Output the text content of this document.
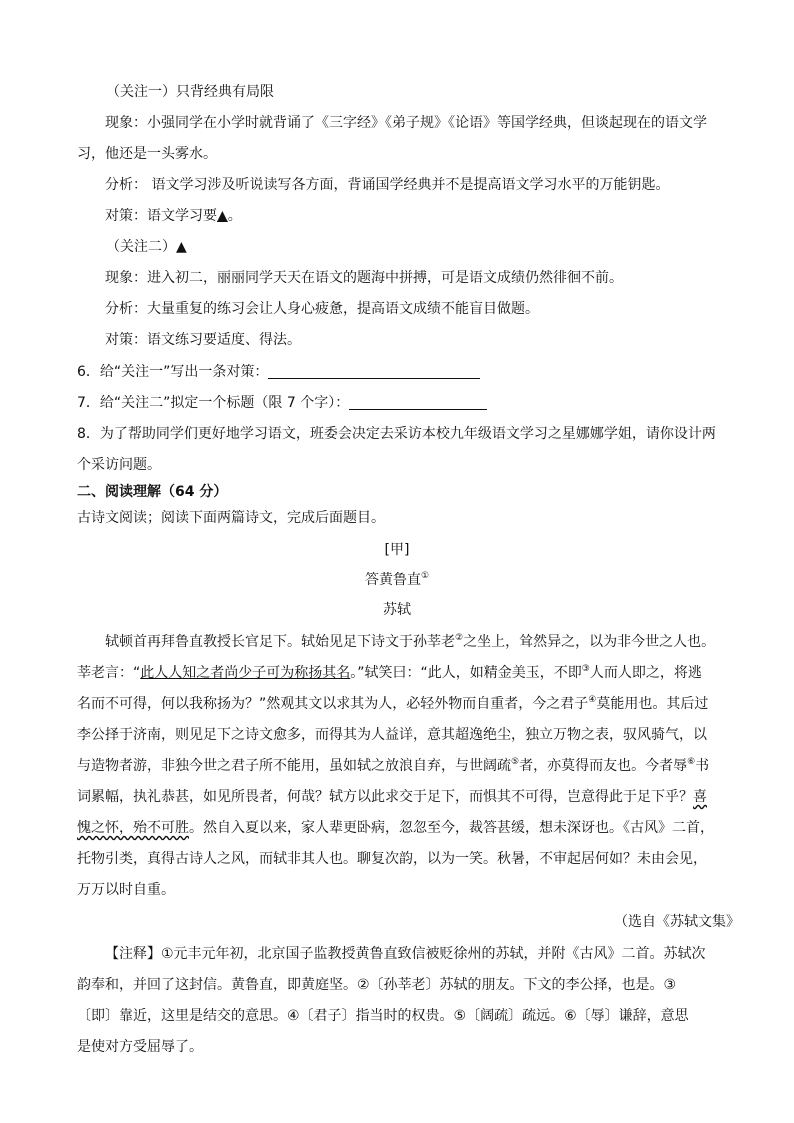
（关注一）只背经典有局限
现象：小强同学在小学时就背诵了《三字经》《弟子规》《论语》等国学经典，但谈起现在的语文学
习，他还是一头雾水。
分析： 语文学习涉及听说读写各方面，背诵国学经典并不是提高语文学习水平的万能钥匙。
对策：语文学习要▲。
（关注二）▲
现象：进入初二，丽丽同学天天在语文的题海中拼搏，可是语文成绩仍然徘徊不前。
分析：大量重复的练习会让人身心疲惫，提高语文成绩不能盲目做题。
对策：语文练习要适度、得法。
6．给“关注一”写出一条对策：
7．给“关注二”拟定一个标题（限 7 个字）：
8．为了帮助同学们更好地学习语文，班委会决定去采访本校九年级语文学习之星娜娜学姐，请你设计两
个采访问题。
二、阅读理解（64 分）
古诗文阅读；阅读下面两篇诗文，完成后面题目。
[甲]
答黄鲁直①
苏轼
轼顿首再拜鲁直教授长官足下。轼始见足下诗文于孙莘老②之坐上，耸然异之，以为非今世之人也。
莘老言：“此人人知之者尚少子可为称扬其名。”轼笑曰：“此人，如精金美玉，不即③人而人即之，将逃
名而不可得，何以我称扬为？”然观其文以求其为人，必轻外物而自重者，今之君子④莫能用也。其后过
李公择于济南，则见足下之诗文愈多，而得其为人益详，意其超逸绝尘，独立万物之表，驭风骑气，以
与造物者游，非独今世之君子所不能用，虽如轼之放浪自弃，与世阔疏⑤者，亦莫得而友也。今者辱⑥书
词累幅，执礼恭甚，如见所畏者，何哉？轼方以此求交于足下，而惧其不可得，岂意得此于足下乎？喜
愧之怀，殆不可胜。然自入夏以来，家人辈更卧病，忽忽至今，裁答甚缓，想未深讶也。《古风》二首，
托物引类，真得古诗人之风，而轼非其人也。聊复次韵，以为一笑。秋暑，不审起居何如？未由会见，
万万以时自重。
（选自《苏轼文集》
【注释】①元丰元年初，北京国子监教授黄鲁直致信被贬徐州的苏轼，并附《古风》二首。苏轼次
韵奉和，并回了这封信。黄鲁直，即黄庭坚。②〔孙莘老〕苏轼的朋友。下文的李公择，也是。③
〔即〕靠近，这里是结交的意思。④〔君子〕指当时的权贵。⑤〔阔疏〕疏远。⑥〔辱〕谦辞，意思
是使对方受屈辱了。
